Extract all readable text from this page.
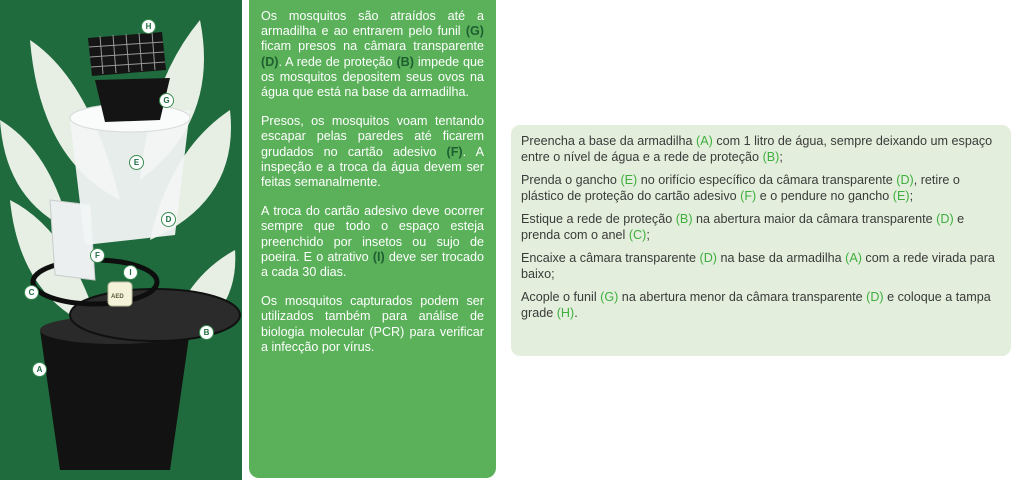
H
G
E
D
F
I
C
B
A
AED

Os mosquitos são atraídos até a armadilha e ao entrarem pelo funil (G) ficam presos na câmara transparente (D). A rede de proteção (B) impede que os mosquitos depositem seus ovos na água que está na base da armadilha.

Presos, os mosquitos voam tentando escapar pelas paredes até ficarem grudados no cartão adesivo (F). A inspeção e a troca da água devem ser feitas semanalmente.

A troca do cartão adesivo deve ocorrer sempre que todo o espaço esteja preenchido por insetos ou sujo de poeira. E o atrativo (I) deve ser trocado a cada 30 dias.

Os mosquitos capturados podem ser utilizados também para análise de biologia molecular (PCR) para verificar a infecção por vírus.

Preencha a base da armadilha (A) com 1 litro de água, sempre deixando um espaço entre o nível de água e a rede de proteção (B);

Prenda o gancho (E) no orifício específico da câmara transparente (D), retire o plástico de proteção do cartão adesivo (F) e o pendure no gancho (E);

Estique a rede de proteção (B) na abertura maior da câmara transparente (D) e prenda com o anel (C);

Encaixe a câmara transparente (D) na base da armadilha (A) com a rede virada para baixo;

Acople o funil (G) na abertura menor da câmara transparente (D) e coloque a tampa grade (H).
